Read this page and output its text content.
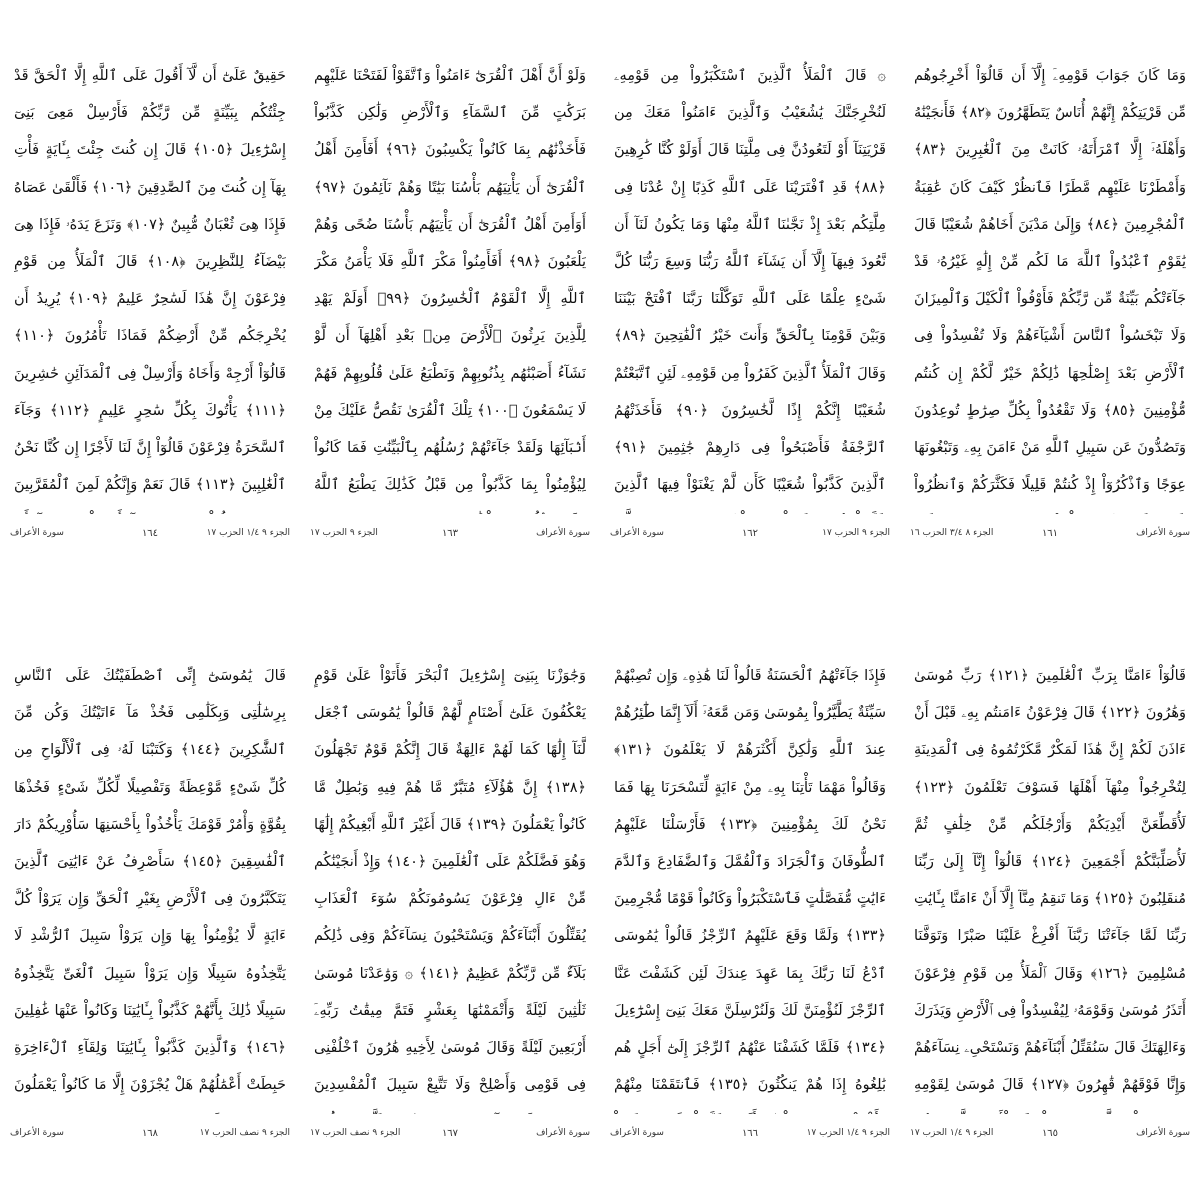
حَقِيقٌ عَلَىٰٓ أَن لَّآ أَقُولَ عَلَى ٱللَّهِ إِلَّا ٱلْحَقَّ قَدْ جِئْتُكُم بِبَيِّنَةٍ مِّن رَّبِّكُمْ فَأَرْسِلْ مَعِىَ بَنِىٓ إِسْرَٰٓءِيلَ ﴿١٠٥﴾ قَالَ إِن كُنتَ جِئْتَ بِـَٔايَةٍ فَأْتِ بِهَآ إِن كُنتَ مِنَ ٱلصَّٰدِقِينَ ﴿١٠٦﴾ فَأَلْقَىٰ عَصَاهُ فَإِذَا هِىَ ثُعْبَانٌ مُّبِينٌ ﴿١٠٧﴾ وَنَزَعَ يَدَهُۥ فَإِذَا هِىَ بَيْضَآءُ لِلنَّٰظِرِينَ ﴿١٠٨﴾ قَالَ ٱلْمَلَأُ مِن قَوْمِ فِرْعَوْنَ إِنَّ هَٰذَا لَسَٰحِرٌ عَلِيمٌ ﴿١٠٩﴾ يُرِيدُ أَن يُخْرِجَكُم مِّنْ أَرْضِكُمْ فَمَاذَا تَأْمُرُونَ ﴿١١٠﴾ قَالُوٓاْ أَرْجِهْ وَأَخَاهُ وَأَرْسِلْ فِى ٱلْمَدَآئِنِ حَٰشِرِينَ ﴿١١١﴾ يَأْتُوكَ بِكُلِّ سَٰحِرٍ عَلِيمٍ ﴿١١٢﴾ وَجَآءَ ٱلسَّحَرَةُ فِرْعَوْنَ قَالُوٓاْ إِنَّ لَنَا لَأَجْرًا إِن كُنَّا نَحْنُ ٱلْغَٰلِبِينَ ﴿١١٣﴾ قَالَ نَعَمْ وَإِنَّكُمْ لَمِنَ ٱلْمُقَرَّبِينَ

سورة الأعراف	١٦٤	الجزء ٩ ١/٤ الحزب ١٧

وَلَوْ أَنَّ أَهْلَ ٱلْقُرَىٰٓ ءَامَنُواْ وَٱتَّقَوْاْ لَفَتَحْنَا عَلَيْهِم بَرَكَٰتٍ مِّنَ ٱلسَّمَآءِ وَٱلْأَرْضِ وَلَٰكِن كَذَّبُواْ فَأَخَذْنَٰهُم بِمَا كَانُواْ يَكْسِبُونَ ﴿٩٦﴾ أَفَأَمِنَ أَهْلُ ٱلْقُرَىٰٓ أَن يَأْتِيَهُم بَأْسُنَا بَيَٰتًا وَهُمْ نَآئِمُونَ ﴿٩٧﴾ أَوَأَمِنَ أَهْلُ ٱلْقُرَىٰٓ أَن يَأْتِيَهُم بَأْسُنَا ضُحًى وَهُمْ يَلْعَبُونَ ﴿٩٨﴾ أَفَأَمِنُواْ مَكْرَ ٱللَّهِ فَلَا يَأْمَنُ مَكْرَ ٱللَّهِ إِلَّا ٱلْقَوْمُ ٱلْخَٰسِرُونَ ﴿٩٩﴾ أَوَلَمْ يَهْدِ لِلَّذِينَ يَرِثُونَ ٱلْأَرْضَ مِنۢ بَعْدِ أَهْلِهَآ أَن لَّوْ نَشَآءُ أَصَبْنَٰهُم بِذُنُوبِهِمْ وَنَطْبَعُ عَلَىٰ قُلُوبِهِمْ فَهُمْ لَا يَسْمَعُونَ ﴿١٠٠﴾ تِلْكَ ٱلْقُرَىٰ نَقُصُّ عَلَيْكَ مِنْ أَنۢبَآئِهَا وَلَقَدْ جَآءَتْهُمْ رُسُلُهُم بِٱلْبَيِّنَٰتِ فَمَا كَانُواْ لِيُؤْمِنُواْ بِمَا كَذَّبُواْ مِن قَبْلُ كَذَٰلِكَ يَطْبَعُ ٱللَّهُ

سورة الأعراف
١٦٣
الجزء ٩ الحزب ١٧

۞ قَالَ ٱلْمَلَأُ ٱلَّذِينَ ٱسْتَكْبَرُواْ مِن قَوْمِهِۦ لَنُخْرِجَنَّكَ يَٰشُعَيْبُ وَٱلَّذِينَ ءَامَنُواْ مَعَكَ مِن قَرْيَتِنَآ أَوْ لَتَعُودُنَّ فِى مِلَّتِنَا قَالَ أَوَلَوْ كُنَّا كَٰرِهِينَ ﴿٨٨﴾ قَدِ ٱفْتَرَيْنَا عَلَى ٱللَّهِ كَذِبًا إِنْ عُدْنَا فِى مِلَّتِكُم بَعْدَ إِذْ نَجَّىٰنَا ٱللَّهُ مِنْهَا وَمَا يَكُونُ لَنَآ أَن نَّعُودَ فِيهَآ إِلَّآ أَن يَشَآءَ ٱللَّهُ رَبُّنَا وَسِعَ رَبُّنَا كُلَّ شَىْءٍ عِلْمًا عَلَى ٱللَّهِ تَوَكَّلْنَا رَبَّنَا ٱفْتَحْ بَيْنَنَا وَبَيْنَ قَوْمِنَا بِٱلْحَقِّ وَأَنتَ خَيْرُ ٱلْفَٰتِحِينَ ﴿٨٩﴾ وَقَالَ ٱلْمَلَأُ ٱلَّذِينَ كَفَرُواْ مِن قَوْمِهِۦ لَئِنِ ٱتَّبَعْتُمْ شُعَيْبًا إِنَّكُمْ إِذًا لَّخَٰسِرُونَ ﴿٩٠﴾ فَأَخَذَتْهُمُ ٱلرَّجْفَةُ فَأَصْبَحُواْ فِى دَارِهِمْ جَٰثِمِينَ ﴿٩١﴾ ٱلَّذِينَ كَذَّبُواْ شُعَيْبًا كَأَن لَّمْ يَغْنَوْاْ فِيهَا ٱلَّذِينَ

سورة الأعراف	١٦٢	الجزء ٩ الحزب ١٧

وَمَا كَانَ جَوَابَ قَوْمِهِۦٓ إِلَّآ أَن قَالُوٓاْ أَخْرِجُوهُم مِّن قَرْيَتِكُمْ إِنَّهُمْ أُنَاسٌ يَتَطَهَّرُونَ ﴿٨٢﴾ فَأَنجَيْنَٰهُ وَأَهْلَهُۥٓ إِلَّا ٱمْرَأَتَهُۥ كَانَتْ مِنَ ٱلْغَٰبِرِينَ ﴿٨٣﴾ وَأَمْطَرْنَا عَلَيْهِم مَّطَرًا فَٱنظُرْ كَيْفَ كَانَ عَٰقِبَةُ ٱلْمُجْرِمِينَ ﴿٨٤﴾ وَإِلَىٰ مَدْيَنَ أَخَاهُمْ شُعَيْبًا قَالَ يَٰقَوْمِ ٱعْبُدُواْ ٱللَّهَ مَا لَكُم مِّنْ إِلَٰهٍ غَيْرُهُۥ قَدْ جَآءَتْكُم بَيِّنَةٌ مِّن رَّبِّكُمْ فَأَوْفُواْ ٱلْكَيْلَ وَٱلْمِيزَانَ وَلَا تَبْخَسُواْ ٱلنَّاسَ أَشْيَآءَهُمْ وَلَا تُفْسِدُواْ فِى ٱلْأَرْضِ بَعْدَ إِصْلَٰحِهَا ذَٰلِكُمْ خَيْرٌ لَّكُمْ إِن كُنتُم مُّؤْمِنِينَ ﴿٨٥﴾ وَلَا تَقْعُدُواْ بِكُلِّ صِرَٰطٍ تُوعِدُونَ وَتَصُدُّونَ عَن سَبِيلِ ٱللَّهِ مَنْ ءَامَنَ بِهِۦ وَتَبْغُونَهَا عِوَجًا وَٱذْكُرُوٓاْ إِذْ كُنتُمْ قَلِيلًا فَكَثَّرَكُمْ وَٱنظُرُواْ

سورة الأعراف
١٦١
الجزء ٨ ٣/٤ الحزب ١٦

قَالَ يَٰمُوسَىٰٓ إِنِّى ٱصْطَفَيْتُكَ عَلَى ٱلنَّاسِ بِرِسَٰلَٰتِى وَبِكَلَٰمِى فَخُذْ مَآ ءَاتَيْتُكَ وَكُن مِّنَ ٱلشَّٰكِرِينَ ﴿١٤٤﴾ وَكَتَبْنَا لَهُۥ فِى ٱلْأَلْوَاحِ مِن كُلِّ شَىْءٍ مَّوْعِظَةً وَتَفْصِيلًا لِّكُلِّ شَىْءٍ فَخُذْهَا بِقُوَّةٍ وَأْمُرْ قَوْمَكَ يَأْخُذُواْ بِأَحْسَنِهَا سَأُوْرِيكُمْ دَارَ ٱلْفَٰسِقِينَ ﴿١٤٥﴾ سَأَصْرِفُ عَنْ ءَايَٰتِىَ ٱلَّذِينَ يَتَكَبَّرُونَ فِى ٱلْأَرْضِ بِغَيْرِ ٱلْحَقِّ وَإِن يَرَوْاْ كُلَّ ءَايَةٍ لَّا يُؤْمِنُواْ بِهَا وَإِن يَرَوْاْ سَبِيلَ ٱلرُّشْدِ لَا يَتَّخِذُوهُ سَبِيلًا وَإِن يَرَوْاْ سَبِيلَ ٱلْغَىِّ يَتَّخِذُوهُ سَبِيلًا ذَٰلِكَ بِأَنَّهُمْ كَذَّبُواْ بِـَٔايَٰتِنَا وَكَانُواْ عَنْهَا غَٰفِلِينَ ﴿١٤٦﴾ وَٱلَّذِينَ كَذَّبُواْ بِـَٔايَٰتِنَا وَلِقَآءِ ٱلْءَاخِرَةِ حَبِطَتْ أَعْمَٰلُهُمْ هَلْ يُجْزَوْنَ إِلَّا مَا كَانُواْ يَعْمَلُونَ

سورة الأعراف	١٦٨	الجزء ٩ نصف الحزب ١٧

وَجَٰوَزْنَا بِبَنِىٓ إِسْرَٰٓءِيلَ ٱلْبَحْرَ فَأَتَوْاْ عَلَىٰ قَوْمٍ يَعْكُفُونَ عَلَىٰٓ أَصْنَامٍ لَّهُمْ قَالُواْ يَٰمُوسَى ٱجْعَل لَّنَآ إِلَٰهًا كَمَا لَهُمْ ءَالِهَةٌ قَالَ إِنَّكُمْ قَوْمٌ تَجْهَلُونَ ﴿١٣٨﴾ إِنَّ هَٰٓؤُلَآءِ مُتَبَّرٌ مَّا هُمْ فِيهِ وَبَٰطِلٌ مَّا كَانُواْ يَعْمَلُونَ ﴿١٣٩﴾ قَالَ أَغَيْرَ ٱللَّهِ أَبْغِيكُمْ إِلَٰهًا وَهُوَ فَضَّلَكُمْ عَلَى ٱلْعَٰلَمِينَ ﴿١٤٠﴾ وَإِذْ أَنجَيْنَٰكُم مِّنْ ءَالِ فِرْعَوْنَ يَسُومُونَكُمْ سُوٓءَ ٱلْعَذَابِ يُقَتِّلُونَ أَبْنَآءَكُمْ وَيَسْتَحْيُونَ نِسَآءَكُمْ وَفِى ذَٰلِكُم بَلَآءٌ مِّن رَّبِّكُمْ عَظِيمٌ ﴿١٤١﴾ ۞ وَوَٰعَدْنَا مُوسَىٰ ثَلَٰثِينَ لَيْلَةً وَأَتْمَمْنَٰهَا بِعَشْرٍ فَتَمَّ مِيقَٰتُ رَبِّهِۦٓ أَرْبَعِينَ لَيْلَةً وَقَالَ مُوسَىٰ لِأَخِيهِ هَٰرُونَ ٱخْلُفْنِى فِى قَوْمِى وَأَصْلِحْ وَلَا تَتَّبِعْ سَبِيلَ ٱلْمُفْسِدِينَ

سورة الأعراف
١٦٧
الجزء ٩ نصف الحزب ١٧

فَإِذَا جَآءَتْهُمُ ٱلْحَسَنَةُ قَالُواْ لَنَا هَٰذِهِۦ وَإِن تُصِبْهُمْ سَيِّئَةٌ يَطَّيَّرُواْ بِمُوسَىٰ وَمَن مَّعَهُۥٓ أَلَآ إِنَّمَا طَٰٓئِرُهُمْ عِندَ ٱللَّهِ وَلَٰكِنَّ أَكْثَرَهُمْ لَا يَعْلَمُونَ ﴿١٣١﴾ وَقَالُواْ مَهْمَا تَأْتِنَا بِهِۦ مِنْ ءَايَةٍ لِّتَسْحَرَنَا بِهَا فَمَا نَحْنُ لَكَ بِمُؤْمِنِينَ ﴿١٣٢﴾ فَأَرْسَلْنَا عَلَيْهِمُ ٱلطُّوفَانَ وَٱلْجَرَادَ وَٱلْقُمَّلَ وَٱلضَّفَادِعَ وَٱلدَّمَ ءَايَٰتٍ مُّفَصَّلَٰتٍ فَٱسْتَكْبَرُواْ وَكَانُواْ قَوْمًا مُّجْرِمِينَ ﴿١٣٣﴾ وَلَمَّا وَقَعَ عَلَيْهِمُ ٱلرِّجْزُ قَالُواْ يَٰمُوسَى ٱدْعُ لَنَا رَبَّكَ بِمَا عَهِدَ عِندَكَ لَئِن كَشَفْتَ عَنَّا ٱلرِّجْزَ لَنُؤْمِنَنَّ لَكَ وَلَنُرْسِلَنَّ مَعَكَ بَنِىٓ إِسْرَٰٓءِيلَ ﴿١٣٤﴾ فَلَمَّا كَشَفْنَا عَنْهُمُ ٱلرِّجْزَ إِلَىٰٓ أَجَلٍ هُم بَٰلِغُوهُ إِذَا هُمْ يَنكُثُونَ ﴿١٣٥﴾ فَٱنتَقَمْنَا مِنْهُمْ

سورة الأعراف	١٦٦	الجزء ٩ ١/٤ الحزب ١٧

قَالُوٓاْ ءَامَنَّا بِرَبِّ ٱلْعَٰلَمِينَ ﴿١٢١﴾ رَبِّ مُوسَىٰ وَهَٰرُونَ ﴿١٢٢﴾ قَالَ فِرْعَوْنُ ءَامَنتُم بِهِۦ قَبْلَ أَنْ ءَاذَنَ لَكُمْ إِنَّ هَٰذَا لَمَكْرٌ مَّكَرْتُمُوهُ فِى ٱلْمَدِينَةِ لِتُخْرِجُواْ مِنْهَآ أَهْلَهَا فَسَوْفَ تَعْلَمُونَ ﴿١٢٣﴾ لَأُقَطِّعَنَّ أَيْدِيَكُمْ وَأَرْجُلَكُم مِّنْ خِلَٰفٍ ثُمَّ لَأُصَلِّبَنَّكُمْ أَجْمَعِينَ ﴿١٢٤﴾ قَالُوٓاْ إِنَّآ إِلَىٰ رَبِّنَا مُنقَلِبُونَ ﴿١٢٥﴾ وَمَا تَنقِمُ مِنَّآ إِلَّآ أَنْ ءَامَنَّا بِـَٔايَٰتِ رَبِّنَا لَمَّا جَآءَتْنَا رَبَّنَآ أَفْرِغْ عَلَيْنَا صَبْرًا وَتَوَفَّنَا مُسْلِمِينَ ﴿١٢٦﴾ وَقَالَ ٱلْمَلَأُ مِن قَوْمِ فِرْعَوْنَ أَتَذَرُ مُوسَىٰ وَقَوْمَهُۥ لِيُفْسِدُواْ فِى ٱلْأَرْضِ وَيَذَرَكَ وَءَالِهَتَكَ قَالَ سَنُقَتِّلُ أَبْنَآءَهُمْ وَنَسْتَحْىِۦ نِسَآءَهُمْ وَإِنَّا فَوْقَهُمْ قَٰهِرُونَ ﴿١٢٧﴾ قَالَ مُوسَىٰ لِقَوْمِهِ

سورة الأعراف
١٦٥
الجزء ٩ ١/٤ الحزب ١٧
